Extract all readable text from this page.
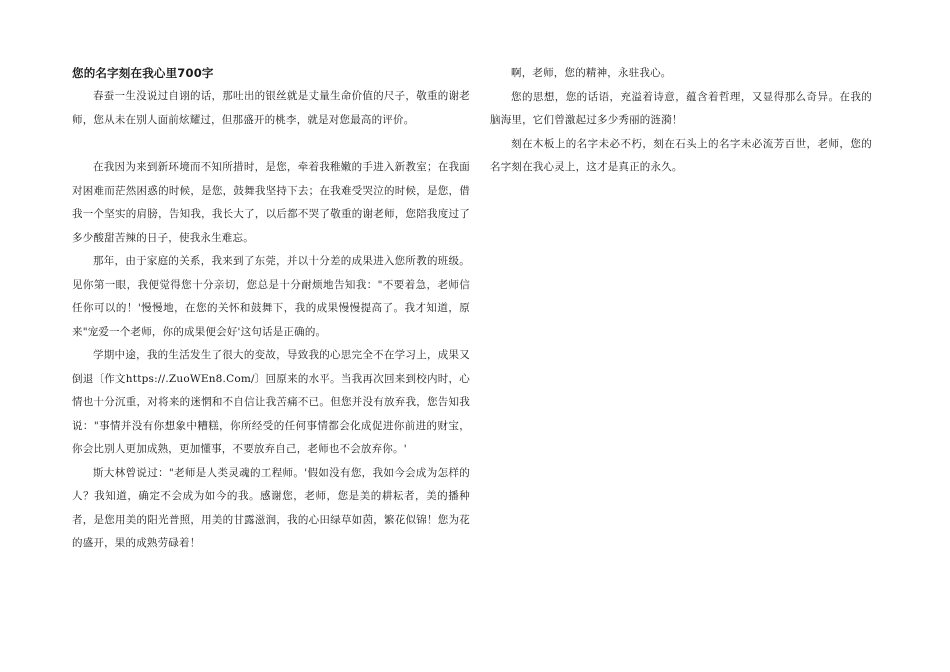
您的名字刻在我心里700字

春蚕一生没说过自诩的话，那吐出的银丝就是丈量生命价值的尺子，敬重的谢老师，您从未在别人面前炫耀过，但那盛开的桃李，就是对您最高的评价。

在我因为来到新环境而不知所措时，是您，牵着我稚嫩的手进入新教室；在我面对困难而茫然困惑的时候，是您，鼓舞我坚持下去；在我难受哭泣的时候，是您，借我一个坚实的肩膀，告知我，我长大了，以后都不哭了敬重的谢老师，您陪我度过了多少酸甜苦辣的日子，使我永生难忘。

那年，由于家庭的关系，我来到了东莞，并以十分差的成果进入您所教的班级。见你第一眼，我便觉得您十分亲切，您总是十分耐烦地告知我："不要着急，老师信任你可以的！'慢慢地，在您的关怀和鼓舞下，我的成果慢慢提高了。我才知道，原来"宠爱一个老师，你的成果便会好'这句话是正确的。

学期中途，我的生活发生了很大的变故，导致我的心思完全不在学习上，成果又倒退〔作文https://.ZuoWEn8.Com/〕回原来的水平。当我再次回来到校内时，心情也十分沉重，对将来的迷惘和不自信让我苦痛不已。但您并没有放弃我，您告知我说："事情并没有你想象中糟糕，你所经受的任何事情都会化成促进你前进的财宝，你会比别人更加成熟，更加懂事，不要放弃自己，老师也不会放弃你。'

斯大林曾说过："老师是人类灵魂的工程师。'假如没有您，我如今会成为怎样的人？我知道，确定不会成为如今的我。感谢您，老师，您是美的耕耘者，美的播种者，是您用美的阳光普照，用美的甘露滋润，我的心田绿草如茵，繁花似锦！您为花的盛开，果的成熟劳碌着！

啊，老师，您的精神，永驻我心。

您的思想，您的话语，充溢着诗意，蕴含着哲理，又显得那么奇异。在我的脑海里，它们曾激起过多少秀丽的涟漪！

刻在木板上的名字未必不朽，刻在石头上的名字未必流芳百世，老师，您的名字刻在我心灵上，这才是真正的永久。
